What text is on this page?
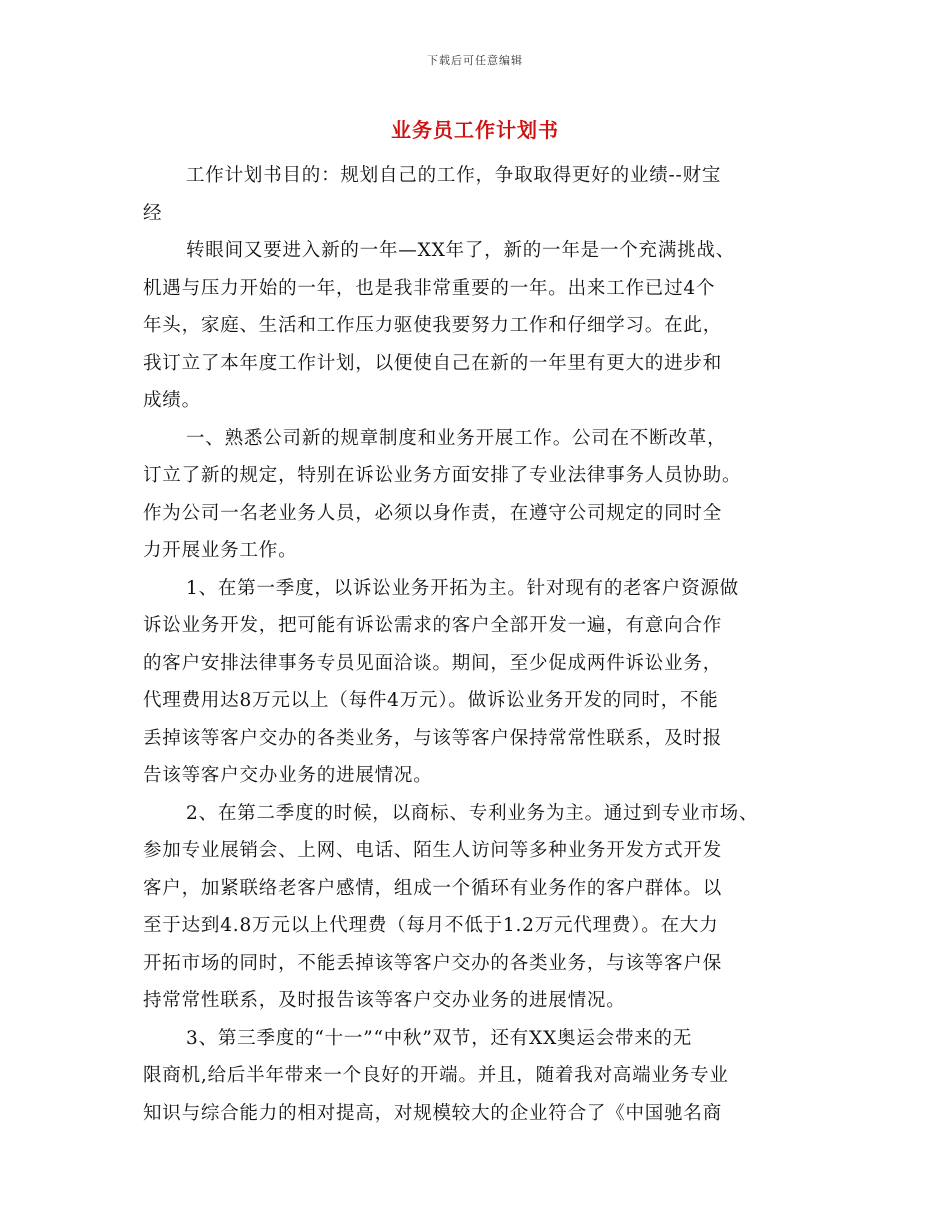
下载后可任意编辑
业务员工作计划书
工作计划书目的：规划自己的工作，争取取得更好的业绩--财宝
经
转眼间又要进入新的一年—XX年了，新的一年是一个充满挑战、
机遇与压力开始的一年，也是我非常重要的一年。出来工作已过4个
年头，家庭、生活和工作压力驱使我要努力工作和仔细学习。在此，
我订立了本年度工作计划，以便使自己在新的一年里有更大的进步和
成绩。
一、熟悉公司新的规章制度和业务开展工作。公司在不断改革，
订立了新的规定，特别在诉讼业务方面安排了专业法律事务人员协助。
作为公司一名老业务人员，必须以身作责，在遵守公司规定的同时全
力开展业务工作。
1、在第一季度，以诉讼业务开拓为主。针对现有的老客户资源做
诉讼业务开发，把可能有诉讼需求的客户全部开发一遍，有意向合作
的客户安排法律事务专员见面洽谈。期间，至少促成两件诉讼业务，
代理费用达8万元以上（每件4万元）。做诉讼业务开发的同时，不能
丢掉该等客户交办的各类业务，与该等客户保持常常性联系，及时报
告该等客户交办业务的进展情况。
2、在第二季度的时候，以商标、专利业务为主。通过到专业市场、
参加专业展销会、上网、电话、陌生人访问等多种业务开发方式开发
客户，加紧联络老客户感情，组成一个循环有业务作的客户群体。以
至于达到4.8万元以上代理费（每月不低于1.2万元代理费）。在大力
开拓市场的同时，不能丢掉该等客户交办的各类业务，与该等客户保
持常常性联系，及时报告该等客户交办业务的进展情况。
3、第三季度的“十一”“中秋”双节，还有XX奥运会带来的无
限商机,给后半年带来一个良好的开端。并且，随着我对高端业务专业
知识与综合能力的相对提高，对规模较大的企业符合了《中国驰名商
